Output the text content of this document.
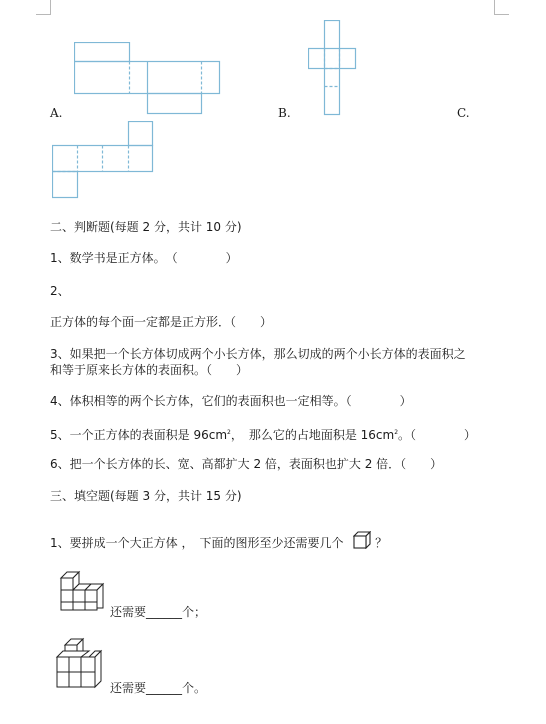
A.	B.	C.
二、判断题(每题 2 分，共计 10 分)
1、数学书是正方体。　（　　　　）
2、
正方体的每个面一定都是正方形．（　　）
3、如果把一个长方体切成两个小长方体，那么切成的两个小长方体的表面积之
和等于原来长方体的表面积。（　　）
4、体积相等的两个长方体，它们的表面积也一定相等。（　　　　）
5、一个正方体的表面积是 $96cm^2$，　那么它的占地面积是 $16cm^2$。（　　　　）
6、把一个长方体的长、宽、高都扩大 2 倍，表面积也扩大 2 倍．（　　）
三、填空题(每题 3 分，共计 15 分)
1、要拼成一个大正方体 ，　下面的图形至少还需要几个	？
还需要______个；
还需要______个。
